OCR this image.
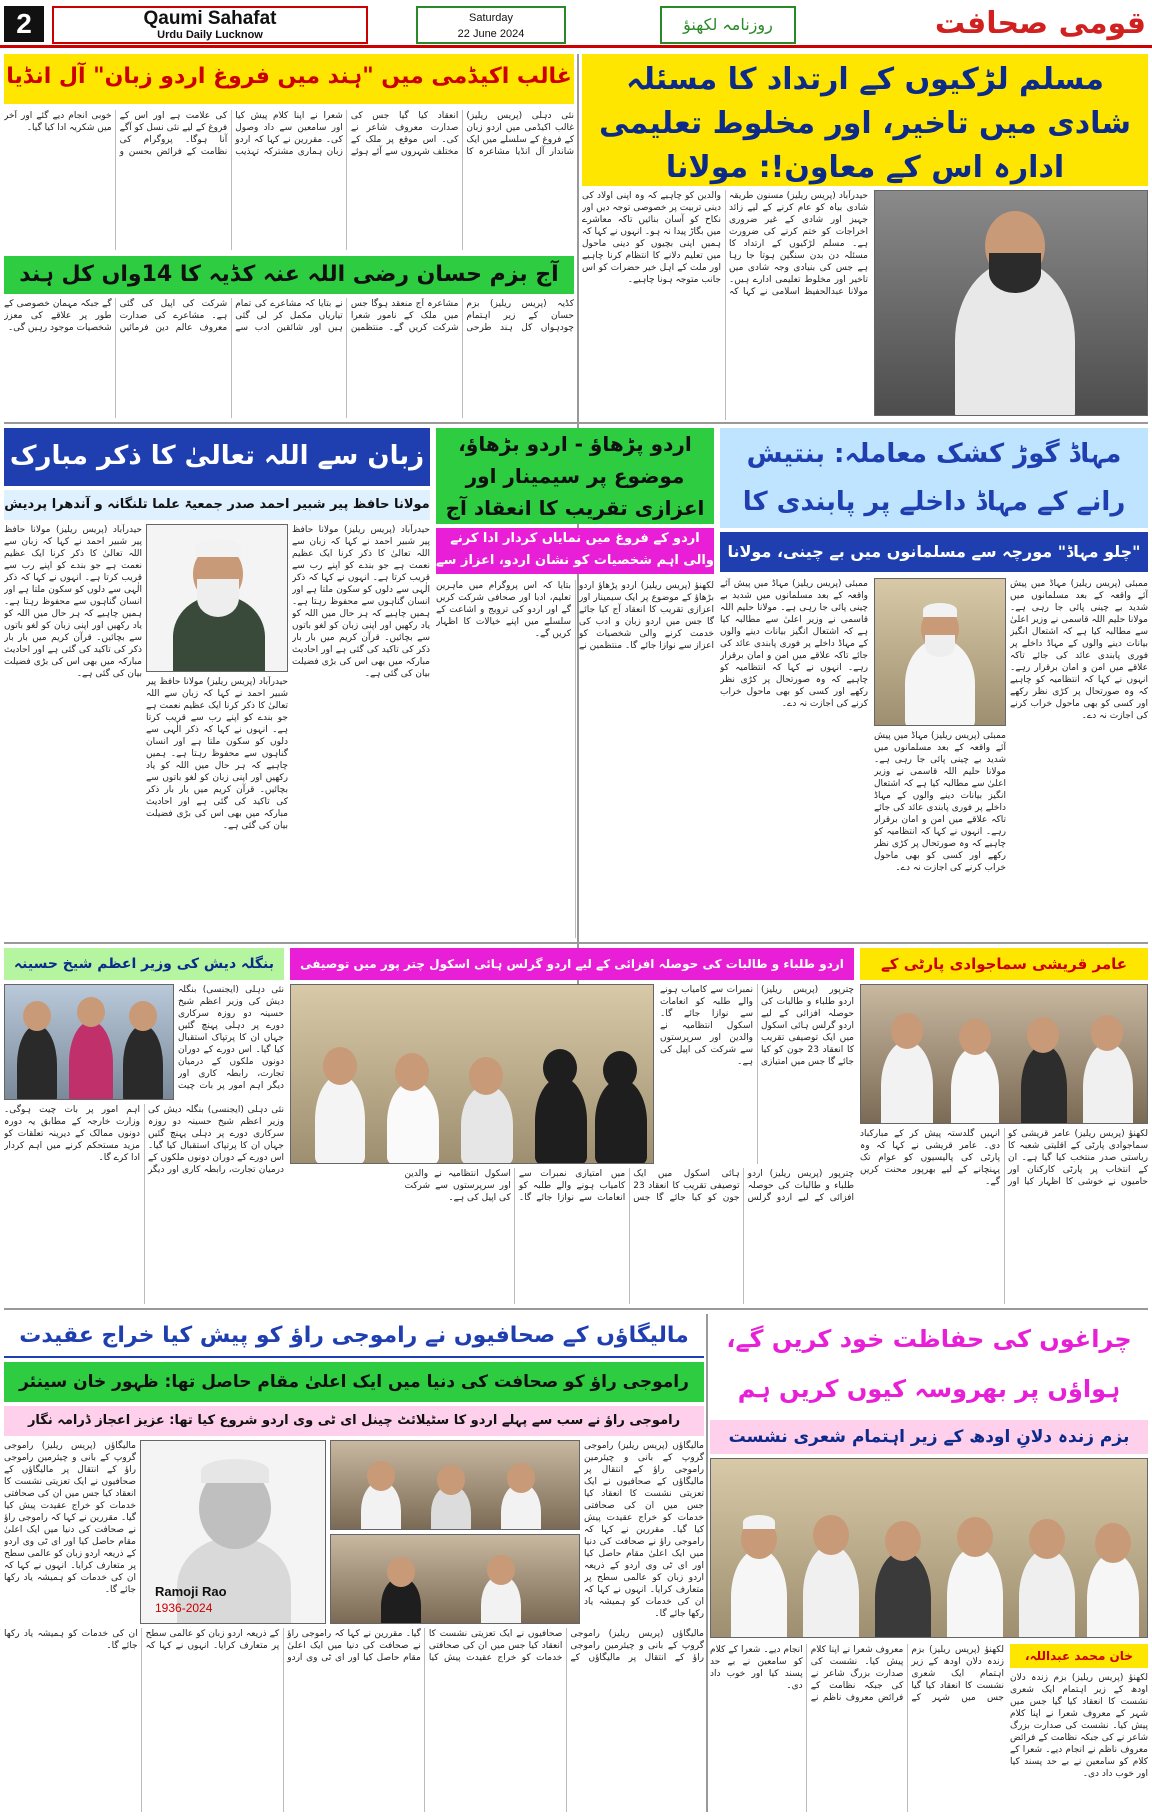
2	Qaumi Sahafat
Urdu Daily Lucknow
Saturday
22 June 2024	روزنامہ لکھنؤ	قومی صحافت
مسلم لڑکیوں کے ارتداد کا مسئلہ شادی میں تاخیر، اور مخلوط تعلیمی ادارہ اس کے معاون!: مولانا
حیدرآباد (پریس ریلیز) مسنون طریقہ شادی بیاہ کو عام کرنے کے لیے زائد جہیز اور شادی کے غیر ضروری اخراجات کو ختم کرنے کی ضرورت ہے۔ مسلم لڑکیوں کے ارتداد کا مسئلہ دن بدن سنگین ہوتا جا رہا ہے جس کی بنیادی وجہ شادی میں تاخیر اور مخلوط تعلیمی ادارے ہیں۔ مولانا عبدالحفیظ اسلامی نے کہا کہ والدین کو چاہیے کہ وہ اپنی اولاد کی دینی تربیت پر خصوصی توجہ دیں اور نکاح کو آسان بنائیں تاکہ معاشرے میں بگاڑ پیدا نہ ہو۔ انہوں نے کہا کہ ہمیں اپنی بچیوں کو دینی ماحول میں تعلیم دلانے کا انتظام کرنا چاہیے اور ملت کے اہل خیر حضرات کو اس جانب متوجہ ہونا چاہیے۔
غالب اکیڈمی میں "ہند میں فروغ اردو زبان" آل انڈیا
نئی دہلی (پریس ریلیز) غالب اکیڈمی میں اردو زبان کے فروغ کے سلسلے میں ایک شاندار آل انڈیا مشاعرہ کا انعقاد کیا گیا جس کی صدارت معروف شاعر نے کی۔ اس موقع پر ملک کے مختلف شہروں سے آئے ہوئے شعرا نے اپنا کلام پیش کیا اور سامعین سے داد وصول کی۔ مقررین نے کہا کہ اردو زبان ہماری مشترکہ تہذیب کی علامت ہے اور اس کے فروغ کے لیے نئی نسل کو آگے آنا ہوگا۔ پروگرام کی نظامت کے فرائض بحسن و خوبی انجام دیے گئے اور آخر میں شکریہ ادا کیا گیا۔
آج بزم حسان رضی اللہ عنہ کڈیہ کا 14واں کل ہند
کڈیہ (پریس ریلیز) بزم حسان کے زیر اہتمام چودہواں کل ہند طرحی مشاعرہ آج منعقد ہوگا جس میں ملک کے نامور شعرا شرکت کریں گے۔ منتظمین نے بتایا کہ مشاعرے کی تمام تیاریاں مکمل کر لی گئی ہیں اور شائقین ادب سے شرکت کی اپیل کی گئی ہے۔ مشاعرے کی صدارت معروف عالم دین فرمائیں گے جبکہ مہمان خصوصی کے طور پر علاقے کی معزز شخصیات موجود رہیں گی۔
مہاڈ گوڑ کشک معاملہ: بنتیش رانے کے مہاڈ داخلے پر پابندی کا
"چلو مہاڈ" مورچہ سے مسلمانوں میں بے چینی، مولانا
ممبئی (پریس ریلیز) مہاڈ میں پیش آئے واقعہ کے بعد مسلمانوں میں شدید بے چینی پائی جا رہی ہے۔ مولانا حلیم اللہ قاسمی نے وزیر اعلیٰ سے مطالبہ کیا ہے کہ اشتعال انگیز بیانات دینے والوں کے مہاڈ داخلے پر فوری پابندی عائد کی جائے تاکہ علاقے میں امن و امان برقرار رہے۔ انہوں نے کہا کہ انتظامیہ کو چاہیے کہ وہ صورتحال پر کڑی نظر رکھے اور کسی کو بھی ماحول خراب کرنے کی اجازت نہ دے۔
ممبئی (پریس ریلیز) مہاڈ میں پیش آئے واقعہ کے بعد مسلمانوں میں شدید بے چینی پائی جا رہی ہے۔ مولانا حلیم اللہ قاسمی نے وزیر اعلیٰ سے مطالبہ کیا ہے کہ اشتعال انگیز بیانات دینے والوں کے مہاڈ داخلے پر فوری پابندی عائد کی جائے تاکہ علاقے میں امن و امان برقرار رہے۔ انہوں نے کہا کہ انتظامیہ کو چاہیے کہ وہ صورتحال پر کڑی نظر رکھے اور کسی کو بھی ماحول خراب کرنے کی اجازت نہ دے۔
ممبئی (پریس ریلیز) مہاڈ میں پیش آئے واقعہ کے بعد مسلمانوں میں شدید بے چینی پائی جا رہی ہے۔ مولانا حلیم اللہ قاسمی نے وزیر اعلیٰ سے مطالبہ کیا ہے کہ اشتعال انگیز بیانات دینے والوں کے مہاڈ داخلے پر فوری پابندی عائد کی جائے تاکہ علاقے میں امن و امان برقرار رہے۔ انہوں نے کہا کہ انتظامیہ کو چاہیے کہ وہ صورتحال پر کڑی نظر رکھے اور کسی کو بھی ماحول خراب کرنے کی اجازت نہ دے۔
اردو پڑھاؤ - اردو بڑھاؤ، موضوع پر سیمینار اور اعزازی تقریب کا انعقاد آج
اردو کے فروغ میں نمایاں کردار ادا کرنے والی اہم شخصیات کو نشان اردو، اعزاز سے
لکھنؤ (پریس ریلیز) اردو پڑھاؤ اردو بڑھاؤ کے موضوع پر ایک سیمینار اور اعزازی تقریب کا انعقاد آج کیا جائے گا جس میں اردو زبان و ادب کی خدمت کرنے والی شخصیات کو اعزاز سے نوازا جائے گا۔ منتظمین نے بتایا کہ اس پروگرام میں ماہرین تعلیم، ادبا اور صحافی شرکت کریں گے اور اردو کی ترویج و اشاعت کے سلسلے میں اپنے خیالات کا اظہار کریں گے۔
زبان سے اللہ تعالیٰ کا ذکر مبارک
مولانا حافظ پیر شبیر احمد صدر جمعیۃ علما تلنگانہ و آندھرا پردیش
حیدرآباد (پریس ریلیز) مولانا حافظ پیر شبیر احمد نے کہا کہ زبان سے اللہ تعالیٰ کا ذکر کرنا ایک عظیم نعمت ہے جو بندے کو اپنے رب سے قریب کرتا ہے۔ انہوں نے کہا کہ ذکر الٰہی سے دلوں کو سکون ملتا ہے اور انسان گناہوں سے محفوظ رہتا ہے۔ ہمیں چاہیے کہ ہر حال میں اللہ کو یاد رکھیں اور اپنی زبان کو لغو باتوں سے بچائیں۔ قرآن کریم میں بار بار ذکر کی تاکید کی گئی ہے اور احادیث مبارکہ میں بھی اس کی بڑی فضیلت بیان کی گئی ہے۔
حیدرآباد (پریس ریلیز) مولانا حافظ پیر شبیر احمد نے کہا کہ زبان سے اللہ تعالیٰ کا ذکر کرنا ایک عظیم نعمت ہے جو بندے کو اپنے رب سے قریب کرتا ہے۔ انہوں نے کہا کہ ذکر الٰہی سے دلوں کو سکون ملتا ہے اور انسان گناہوں سے محفوظ رہتا ہے۔ ہمیں چاہیے کہ ہر حال میں اللہ کو یاد رکھیں اور اپنی زبان کو لغو باتوں سے بچائیں۔ قرآن کریم میں بار بار ذکر کی تاکید کی گئی ہے اور احادیث مبارکہ میں بھی اس کی بڑی فضیلت بیان کی گئی ہے۔
حیدرآباد (پریس ریلیز) مولانا حافظ پیر شبیر احمد نے کہا کہ زبان سے اللہ تعالیٰ کا ذکر کرنا ایک عظیم نعمت ہے جو بندے کو اپنے رب سے قریب کرتا ہے۔ انہوں نے کہا کہ ذکر الٰہی سے دلوں کو سکون ملتا ہے اور انسان گناہوں سے محفوظ رہتا ہے۔ ہمیں چاہیے کہ ہر حال میں اللہ کو یاد رکھیں اور اپنی زبان کو لغو باتوں سے بچائیں۔ قرآن کریم میں بار بار ذکر کی تاکید کی گئی ہے اور احادیث مبارکہ میں بھی اس کی بڑی فضیلت بیان کی گئی ہے۔
عامر قریشی سماجوادی پارٹی کے
لکھنؤ (پریس ریلیز) عامر قریشی کو سماجوادی پارٹی کے اقلیتی شعبہ کا ریاستی صدر منتخب کیا گیا ہے۔ ان کے انتخاب پر پارٹی کارکنان اور حامیوں نے خوشی کا اظہار کیا اور انہیں گلدستہ پیش کر کے مبارکباد دی۔ عامر قریشی نے کہا کہ وہ پارٹی کی پالیسیوں کو عوام تک پہنچانے کے لیے بھرپور محنت کریں گے۔
اردو طلباء و طالبات کی حوصلہ افزائی کے لیے اردو گرلس ہائی اسکول چتر پور میں توصیفی
چترپور (پریس ریلیز) اردو طلباء و طالبات کی حوصلہ افزائی کے لیے اردو گرلس ہائی اسکول میں ایک توصیفی تقریب کا انعقاد 23 جون کو کیا جائے گا جس میں امتیازی نمبرات سے کامیاب ہونے والے طلبہ کو انعامات سے نوازا جائے گا۔ اسکول انتظامیہ نے والدین اور سرپرستوں سے شرکت کی اپیل کی ہے۔
چترپور (پریس ریلیز) اردو طلباء و طالبات کی حوصلہ افزائی کے لیے اردو گرلس ہائی اسکول میں ایک توصیفی تقریب کا انعقاد 23 جون کو کیا جائے گا جس میں امتیازی نمبرات سے کامیاب ہونے والے طلبہ کو انعامات سے نوازا جائے گا۔ اسکول انتظامیہ نے والدین اور سرپرستوں سے شرکت کی اپیل کی ہے۔
بنگلہ دیش کی وزیر اعظم شیخ حسینہ
نئی دہلی (ایجنسی) بنگلہ دیش کی وزیر اعظم شیخ حسینہ دو روزہ سرکاری دورے پر دہلی پہنچ گئیں جہاں ان کا پرتپاک استقبال کیا گیا۔ اس دورے کے دوران دونوں ملکوں کے درمیان تجارت، رابطہ کاری اور دیگر اہم امور پر بات چیت
نئی دہلی (ایجنسی) بنگلہ دیش کی وزیر اعظم شیخ حسینہ دو روزہ سرکاری دورے پر دہلی پہنچ گئیں جہاں ان کا پرتپاک استقبال کیا گیا۔ اس دورے کے دوران دونوں ملکوں کے درمیان تجارت، رابطہ کاری اور دیگر اہم امور پر بات چیت ہوگی۔ وزارت خارجہ کے مطابق یہ دورہ دونوں ممالک کے دیرینہ تعلقات کو مزید مستحکم کرنے میں اہم کردار ادا کرے گا۔
چراغوں کی حفاظت خود کریں گے، ہواؤں پر بھروسہ کیوں کریں ہم
بزم زندہ دلانِ اودھ کے زیر اہتمام شعری نشست
خان محمد عبداللہ،
لکھنؤ (پریس ریلیز) بزم زندہ دلان اودھ کے زیر اہتمام ایک شعری نشست کا انعقاد کیا گیا جس میں شہر کے معروف شعرا نے اپنا کلام پیش کیا۔ نشست کی صدارت بزرگ شاعر نے کی جبکہ نظامت کے فرائض معروف ناظم نے انجام دیے۔ شعرا کے کلام کو سامعین نے بے حد پسند کیا اور خوب داد دی۔
لکھنؤ (پریس ریلیز) بزم زندہ دلان اودھ کے زیر اہتمام ایک شعری نشست کا انعقاد کیا گیا جس میں شہر کے معروف شعرا نے اپنا کلام پیش کیا۔ نشست کی صدارت بزرگ شاعر نے کی جبکہ نظامت کے فرائض معروف ناظم نے انجام دیے۔ شعرا کے کلام کو سامعین نے بے حد پسند کیا اور خوب داد دی۔
مالیگاؤں کے صحافیوں نے راموجی راؤ کو پیش کیا خراج عقیدت
راموجی راؤ کو صحافت کی دنیا میں ایک اعلیٰ مقام حاصل تھا: ظہور خان سینئر
راموجی راؤ نے سب سے پہلے اردو کا سٹیلائٹ چینل ای ٹی وی اردو شروع کیا تھا: عزیز اعجاز ڈرامہ نگار
Ramoji Rao
1936-2024
مالیگاؤں (پریس ریلیز) راموجی گروپ کے بانی و چیئرمین راموجی راؤ کے انتقال پر مالیگاؤں کے صحافیوں نے ایک تعزیتی نشست کا انعقاد کیا جس میں ان کی صحافتی خدمات کو خراج عقیدت پیش کیا گیا۔ مقررین نے کہا کہ راموجی راؤ نے صحافت کی دنیا میں ایک اعلیٰ مقام حاصل کیا اور ای ٹی وی اردو کے ذریعہ اردو زبان کو عالمی سطح پر متعارف کرایا۔ انہوں نے کہا کہ ان کی خدمات کو ہمیشہ یاد رکھا جائے گا۔
مالیگاؤں (پریس ریلیز) راموجی گروپ کے بانی و چیئرمین راموجی راؤ کے انتقال پر مالیگاؤں کے صحافیوں نے ایک تعزیتی نشست کا انعقاد کیا جس میں ان کی صحافتی خدمات کو خراج عقیدت پیش کیا گیا۔ مقررین نے کہا کہ راموجی راؤ نے صحافت کی دنیا میں ایک اعلیٰ مقام حاصل کیا اور ای ٹی وی اردو کے ذریعہ اردو زبان کو عالمی سطح پر متعارف کرایا۔ انہوں نے کہا کہ ان کی خدمات کو ہمیشہ یاد رکھا جائے گا۔
مالیگاؤں (پریس ریلیز) راموجی گروپ کے بانی و چیئرمین راموجی راؤ کے انتقال پر مالیگاؤں کے صحافیوں نے ایک تعزیتی نشست کا انعقاد کیا جس میں ان کی صحافتی خدمات کو خراج عقیدت پیش کیا گیا۔ مقررین نے کہا کہ راموجی راؤ نے صحافت کی دنیا میں ایک اعلیٰ مقام حاصل کیا اور ای ٹی وی اردو کے ذریعہ اردو زبان کو عالمی سطح پر متعارف کرایا۔ انہوں نے کہا کہ ان کی خدمات کو ہمیشہ یاد رکھا جائے گا۔
